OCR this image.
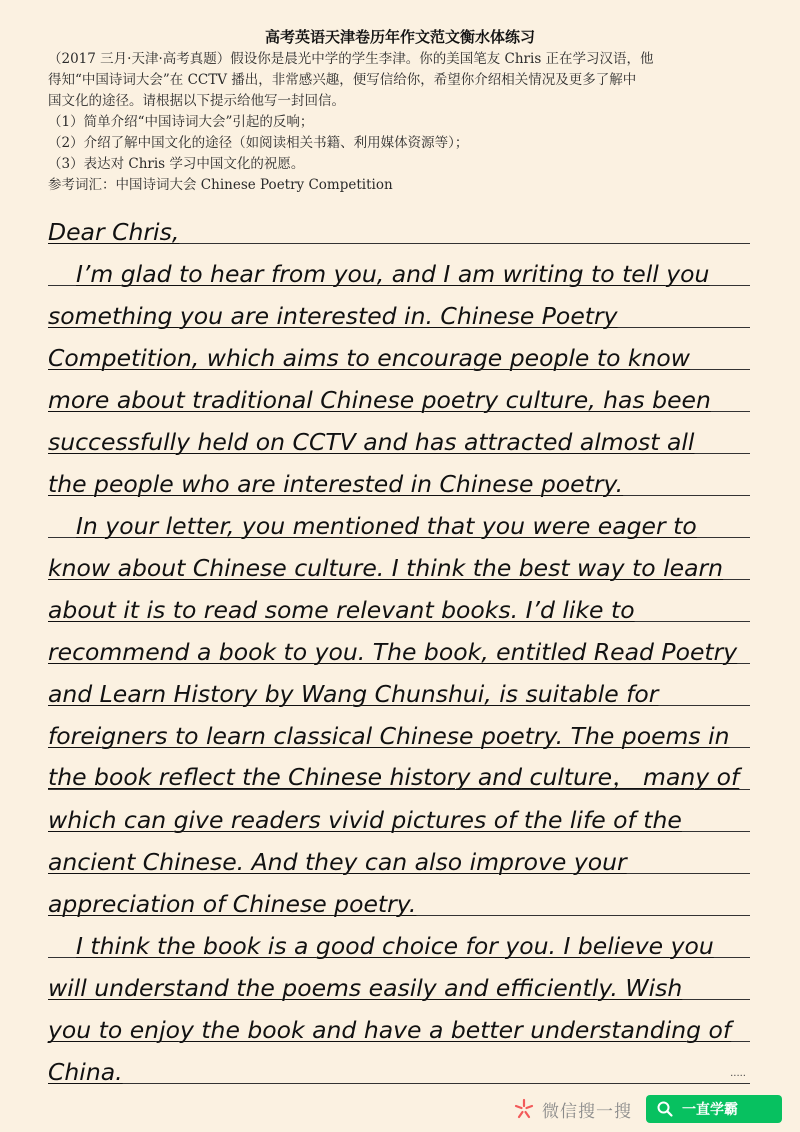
高考英语天津卷历年作文范文衡水体练习

（2017 三月·天津·高考真题）假设你是晨光中学的学生李津。你的美国笔友 Chris 正在学习汉语，他

得知“中国诗词大会”在 CCTV 播出，非常感兴趣，便写信给你，希望你介绍相关情况及更多了解中

国文化的途径。请根据以下提示给他写一封回信。

（1）简单介绍“中国诗词大会”引起的反响；

（2）介绍了解中国文化的途径（如阅读相关书籍、利用媒体资源等）；

（3）表达对 Chris 学习中国文化的祝愿。

参考词汇：中国诗词大会 Chinese Poetry Competition

Dear Chris,
I’m glad to hear from you, and I am writing to tell you
something you are interested in. Chinese Poetry
Competition, which aims to encourage people to know
more about traditional Chinese poetry culture, has been
successfully held on CCTV and has attracted almost all
the people who are interested in Chinese poetry.
In your letter, you mentioned that you were eager to
know about Chinese culture. I think the best way to learn
about it is to read some relevant books. I’d like to
recommend a book to you. The book, entitled Read Poetry
and Learn History by Wang Chunshui, is suitable for
foreigners to learn classical Chinese poetry. The poems in
the book reflect the Chinese history and culture， many of
which can give readers vivid pictures of the life of the
ancient Chinese. And they can also improve your
appreciation of Chinese poetry.
I think the book is a good choice for you. I believe you
will understand the poems easily and efficiently. Wish
you to enjoy the book and have a better understanding of
China.	.....
微信搜一搜	一直学霸
